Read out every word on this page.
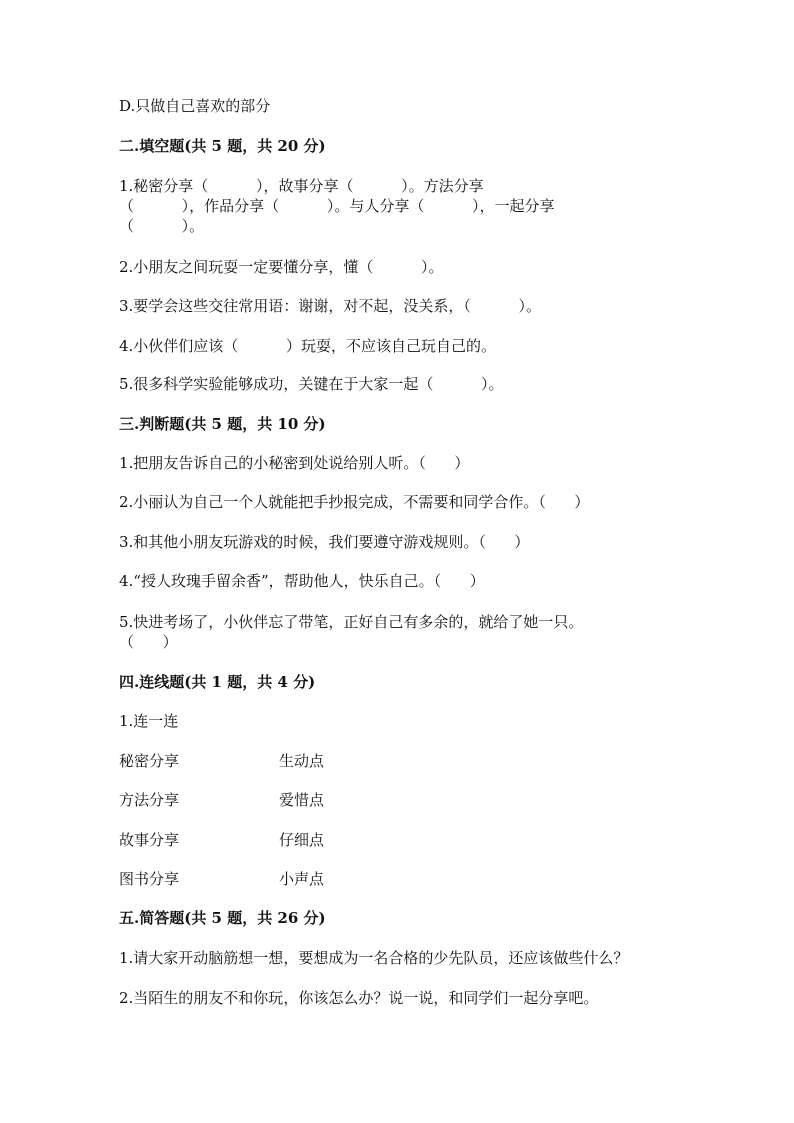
D.只做自己喜欢的部分
二.填空题(共 5 题，共 20 分)
1.秘密分享（          ），故事分享（          ）。方法分享
（          ），作品分享（          ）。与人分享（          ），一起分享
（          ）。
2.小朋友之间玩耍一定要懂分享，懂（          ）。
3.要学会这些交往常用语：谢谢，对不起，没关系，（          ）。
4.小伙伴们应该（          ）玩耍，不应该自己玩自己的。
5.很多科学实验能够成功，关键在于大家一起（          ）。
三.判断题(共 5 题，共 10 分)
1.把朋友告诉自己的小秘密到处说给别人听。（      ）
2.小丽认为自己一个人就能把手抄报完成，不需要和同学合作。（      ）
3.和其他小朋友玩游戏的时候，我们要遵守游戏规则。（      ）
4.“授人玫瑰手留余香”，帮助他人，快乐自己。（      ）
5.快进考场了，小伙伴忘了带笔，正好自己有多余的，就给了她一只。
（      ）
四.连线题(共 1 题，共 4 分)
1.连一连
秘密分享	生动点
方法分享	爱惜点
故事分享	仔细点
图书分享	小声点
五.简答题(共 5 题，共 26 分)
1.请大家开动脑筋想一想，要想成为一名合格的少先队员，还应该做些什么？
2.当陌生的朋友不和你玩，你该怎么办？说一说，和同学们一起分享吧。
